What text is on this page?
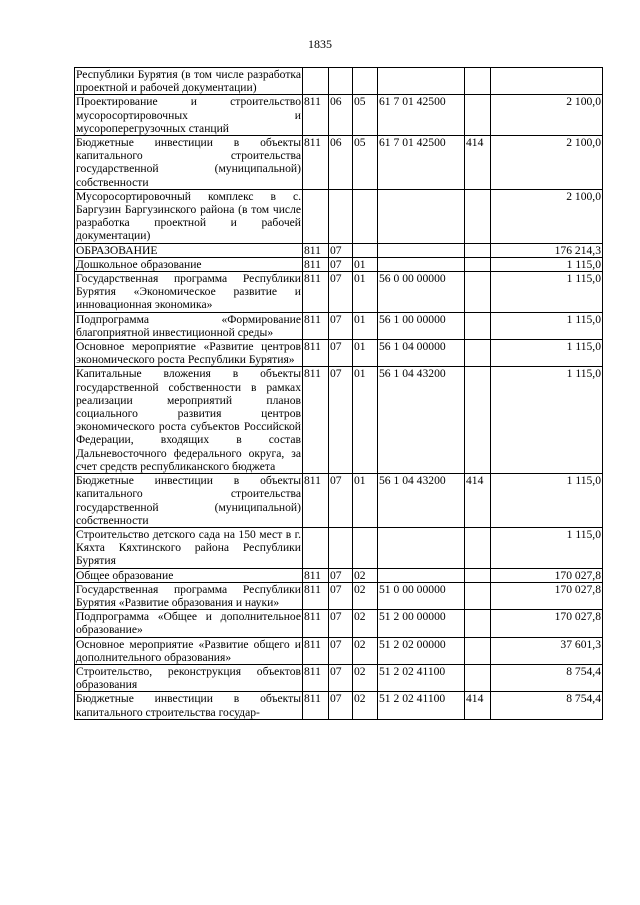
1835
Республики Бурятия (в том числе разработка проектной и рабочей документации)						
Проектирование и строительство мусоросортировочных и мусороперегрузочных станций	811	06	05	61 7 01 42500		2 100,0
Бюджетные инвестиции в объекты капитального строительства государственной (муниципальной) собственности	811	06	05	61 7 01 42500	414	2 100,0
Мусоросортировочный комплекс в с. Баргузин Баргузинского района (в том числе разработка проектной и рабочей документации)						2 100,0
ОБРАЗОВАНИЕ	811	07				176 214,3
Дошкольное образование	811	07	01			1 115,0
Государственная программа Республики Бурятия «Экономическое развитие и инновационная экономика»	811	07	01	56 0 00 00000		1 115,0
Подпрограмма «Формирование благоприятной инвестиционной среды»	811	07	01	56 1 00 00000		1 115,0
Основное мероприятие «Развитие центров экономического роста Республики Бурятия»	811	07	01	56 1 04 00000		1 115,0
Капитальные вложения в объекты государственной собственности в рамках реализации мероприятий планов социального развития центров экономического роста субъектов Российской Федерации, входящих в состав Дальневосточного федерального округа, за счет средств республиканского бюджета	811	07	01	56 1 04 43200		1 115,0
Бюджетные инвестиции в объекты капитального строительства государственной (муниципальной) собственности	811	07	01	56 1 04 43200	414	1 115,0
Строительство детского сада на 150 мест в г. Кяхта Кяхтинского района Республики Бурятия						1 115,0
Общее образование	811	07	02			170 027,8
Государственная программа Республики Бурятия «Развитие образования и науки»	811	07	02	51 0 00 00000		170 027,8
Подпрограмма «Общее и дополнительное образование»	811	07	02	51 2 00 00000		170 027,8
Основное мероприятие «Развитие общего и дополнительного образования»	811	07	02	51 2 02 00000		37 601,3
Строительство, реконструкция объектов образования	811	07	02	51 2 02 41100		8 754,4
Бюджетные инвестиции в объекты капитального строительства государ-	811	07	02	51 2 02 41100	414	8 754,4
